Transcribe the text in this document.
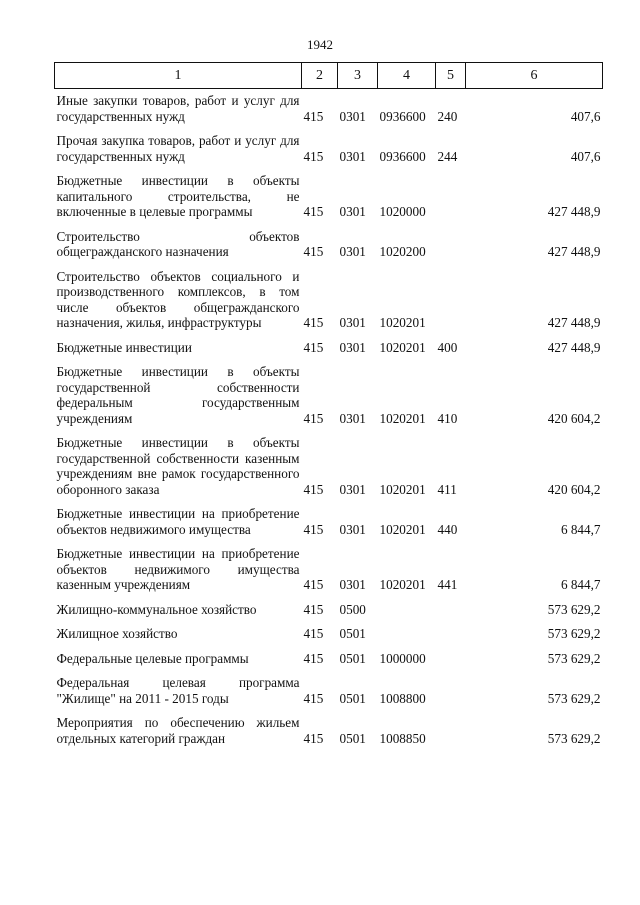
1942
1	2	3	4	5	6
Иные закупки товаров, работ и услуг для государственных нужд	415	0301	0936600	240	407,6
Прочая закупка товаров, работ и услуг для государственных нужд	415	0301	0936600	244	407,6
Бюджетные инвестиции в объекты капитального строительства, не включенные в целевые программы	415	0301	1020000		427 448,9
Строительство объектов общегражданского назначения	415	0301	1020200		427 448,9
Строительство объектов социального и производственного комплексов, в том числе объектов общегражданского назначения, жилья, инфраструктуры	415	0301	1020201		427 448,9
Бюджетные инвестиции	415	0301	1020201	400	427 448,9
Бюджетные инвестиции в объекты государственной собственности федеральным государственным учреждениям	415	0301	1020201	410	420 604,2
Бюджетные инвестиции в объекты государственной собственности казенным учреждениям вне рамок государственного оборонного заказа	415	0301	1020201	411	420 604,2
Бюджетные инвестиции на приобретение объектов недвижимого имущества	415	0301	1020201	440	6 844,7
Бюджетные инвестиции на приобретение объектов недвижимого имущества казенным учреждениям	415	0301	1020201	441	6 844,7
Жилищно-коммунальное хозяйство	415	0500			573 629,2
Жилищное хозяйство	415	0501			573 629,2
Федеральные целевые программы	415	0501	1000000		573 629,2
Федеральная целевая программа "Жилище" на 2011 - 2015 годы	415	0501	1008800		573 629,2
Мероприятия по обеспечению жильем отдельных категорий граждан	415	0501	1008850		573 629,2
